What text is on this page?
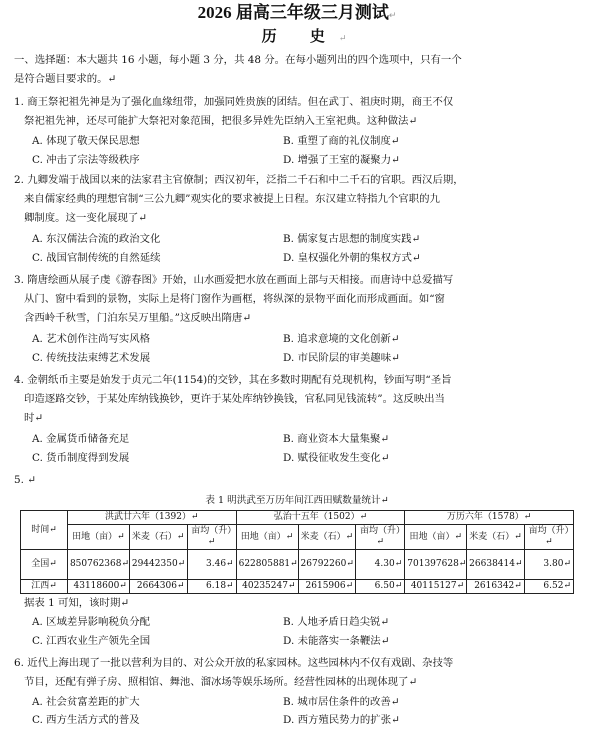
2026 届高三年级三月测试↵
历 史↵
一、选择题：本大题共 16 小题，每小题 3 分，共 48 分。在每小题列出的四个选项中，只有一个
是符合题目要求的。↵
1. 商王祭祀祖先神是为了强化血缘纽带，加强同姓贵族的团结。但在武丁、祖庚时期，商王不仅
祭祀祖先神，还尽可能扩大祭祀对象范围，把很多异姓先臣纳入王室祀典。这种做法↵
A. 体现了敬天保民思想	B. 重塑了商的礼仪制度↵
C. 冲击了宗法等级秩序	D. 增强了王室的凝聚力↵
2. 九卿发端于战国以来的法家君主官僚制；西汉初年，泛指二千石和中二千石的官职。西汉后期，
来自儒家经典的理想官制“三公九卿”观实化的要求被提上日程。东汉建立特指九个官职的九
卿制度。这一变化展现了↵
A. 东汉儒法合流的政治文化	B. 儒家复古思想的制度实践↵
C. 战国官制传统的自然延续	D. 皇权强化外朝的集权方式↵
3. 隋唐绘画从展子虔《游春图》开始，山水画爱把水放在画面上部与天相接。而唐诗中总爱描写
从门、窗中看到的景物，实际上是将门窗作为画框，将纵深的景物平面化而形成画面。如“窗
含西岭千秋雪，门泊东吴万里船。”这反映出隋唐↵
A. 艺术创作注尚写实风格	B. 追求意境的文化创新↵
C. 传统技法束缚艺术发展	D. 市民阶层的审美趣味↵
4. 金朝纸币主要是始发于贞元二年(1154)的交钞，其在多数时期配有兑现机构，钞面写明“圣旨
印造逐路交钞，于某处库纳钱换钞，更许于某处库纳钞换钱，官私同见钱流转”。这反映出当
时↵
A. 金属货币储备充足	B. 商业资本大量集聚↵
C. 货币制度得到发展	D. 赋役征收发生变化↵
5. ↵
表 1 明洪武至万历年间江西田赋数量统计↵
时间↵	洪武廿六年（1392）↵			弘治十五年（1502）↵			万历六年（1578）↵		
	田地（亩）↵	米麦（石）↵	亩均（升）↵	田地（亩）↵	米麦（石）↵	亩均（升）↵	田地（亩）↵	米麦（石）↵	亩均（升）↵
全国↵	850762368↵	29442350↵	3.46↵	622805881↵	26792260↵	4.30↵	701397628↵	26638414↵	3.80↵
江西↵	43118600↵	2664306↵	6.18↵	40235247↵	2615906↵	6.50↵	40115127↵	2616342↵	6.52↵
据表 1 可知，该时期↵
A. 区域差异影响税负分配	B. 人地矛盾日趋尖锐↵
C. 江西农业生产领先全国	D. 未能落实一条鞭法↵
6. 近代上海出现了一批以营利为目的、对公众开放的私家园林。这些园林内不仅有戏剧、杂技等
节目，还配有弹子房、照相馆、舞池、溜冰场等娱乐场所。经营性园林的出现体现了↵
A. 社会贫富差距的扩大	B. 城市居住条件的改善↵
C. 西方生活方式的普及	D. 西方殖民势力的扩张↵
